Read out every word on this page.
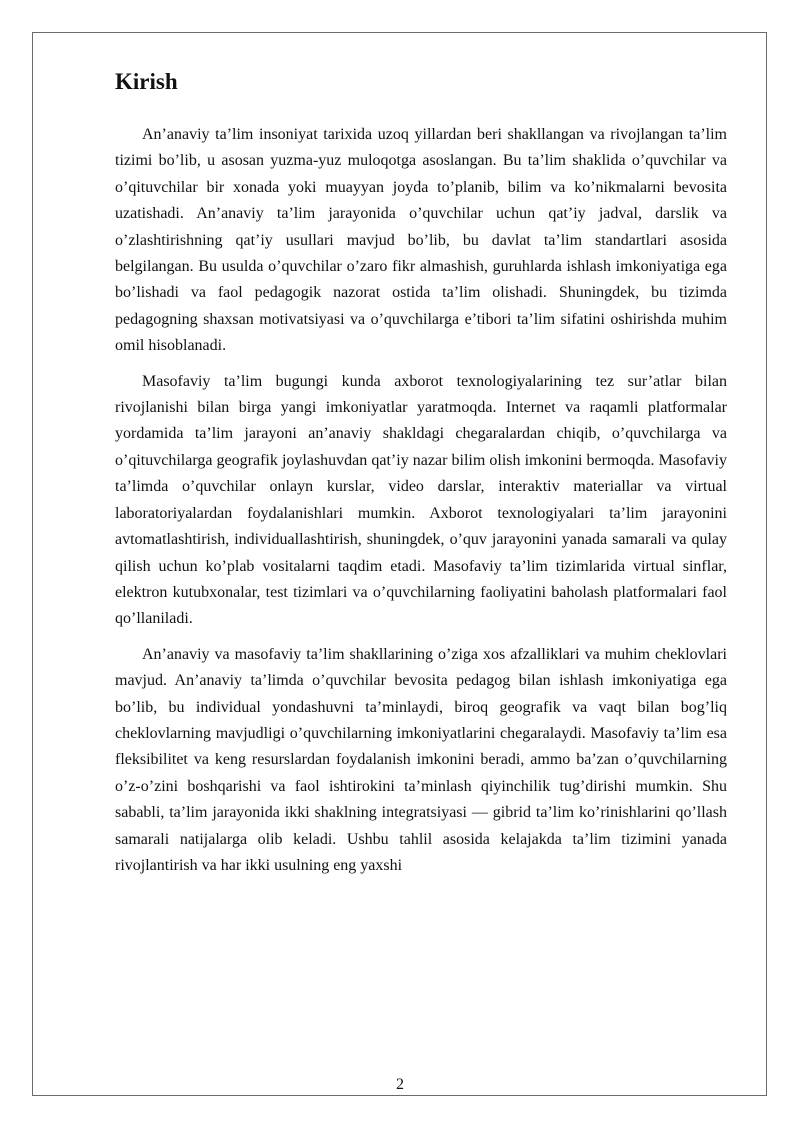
Kirish

An’anaviy ta’lim insoniyat tarixida uzoq yillardan beri shakllangan va rivojlangan ta’lim tizimi bo’lib, u asosan yuzma-yuz muloqotga asoslangan. Bu ta’lim shaklida o’quvchilar va o’qituvchilar bir xonada yoki muayyan joyda to’planib, bilim va ko’nikmalarni bevosita uzatishadi. An’anaviy ta’lim jarayonida o’quvchilar uchun qat’iy jadval, darslik va o’zlashtirishning qat’iy usullari mavjud bo’lib, bu davlat ta’lim standartlari asosida belgilangan. Bu usulda o’quvchilar o’zaro fikr almashish, guruhlarda ishlash imkoniyatiga ega bo’lishadi va faol pedagogik nazorat ostida ta’lim olishadi. Shuningdek, bu tizimda pedagogning shaxsan motivatsiyasi va o’quvchilarga e’tibori ta’lim sifatini oshirishda muhim omil hisoblanadi.

Masofaviy ta’lim bugungi kunda axborot texnologiyalarining tez sur’atlar bilan rivojlanishi bilan birga yangi imkoniyatlar yaratmoqda. Internet va raqamli platformalar yordamida ta’lim jarayoni an’anaviy shakldagi chegaralardan chiqib, o’quvchilarga va o’qituvchilarga geografik joylashuvdan qat’iy nazar bilim olish imkonini bermoqda. Masofaviy ta’limda o’quvchilar onlayn kurslar, video darslar, interaktiv materiallar va virtual laboratoriyalardan foydalanishlari mumkin. Axborot texnologiyalari ta’lim jarayonini avtomatlashtirish, individuallashtirish, shuningdek, o’quv jarayonini yanada samarali va qulay qilish uchun ko’plab vositalarni taqdim etadi. Masofaviy ta’lim tizimlarida virtual sinflar, elektron kutubxonalar, test tizimlari va o’quvchilarning faoliyatini baholash platformalari faol qo’llaniladi.

An’anaviy va masofaviy ta’lim shakllarining o’ziga xos afzalliklari va muhim cheklovlari mavjud. An’anaviy ta’limda o’quvchilar bevosita pedagog bilan ishlash imkoniyatiga ega bo’lib, bu individual yondashuvni ta’minlaydi, biroq geografik va vaqt bilan bog’liq cheklovlarning mavjudligi o’quvchilarning imkoniyatlarini chegaralaydi. Masofaviy ta’lim esa fleksibilitet va keng resurslardan foydalanish imkonini beradi, ammo ba’zan o’quvchilarning o’z-o’zini boshqarishi va faol ishtirokini ta’minlash qiyinchilik tug’dirishi mumkin. Shu sababli, ta’lim jarayonida ikki shaklning integratsiyasi — gibrid ta’lim ko’rinishlarini qo’llash samarali natijalarga olib keladi. Ushbu tahlil asosida kelajakda ta’lim tizimini yanada rivojlantirish va har ikki usulning eng yaxshi

2
